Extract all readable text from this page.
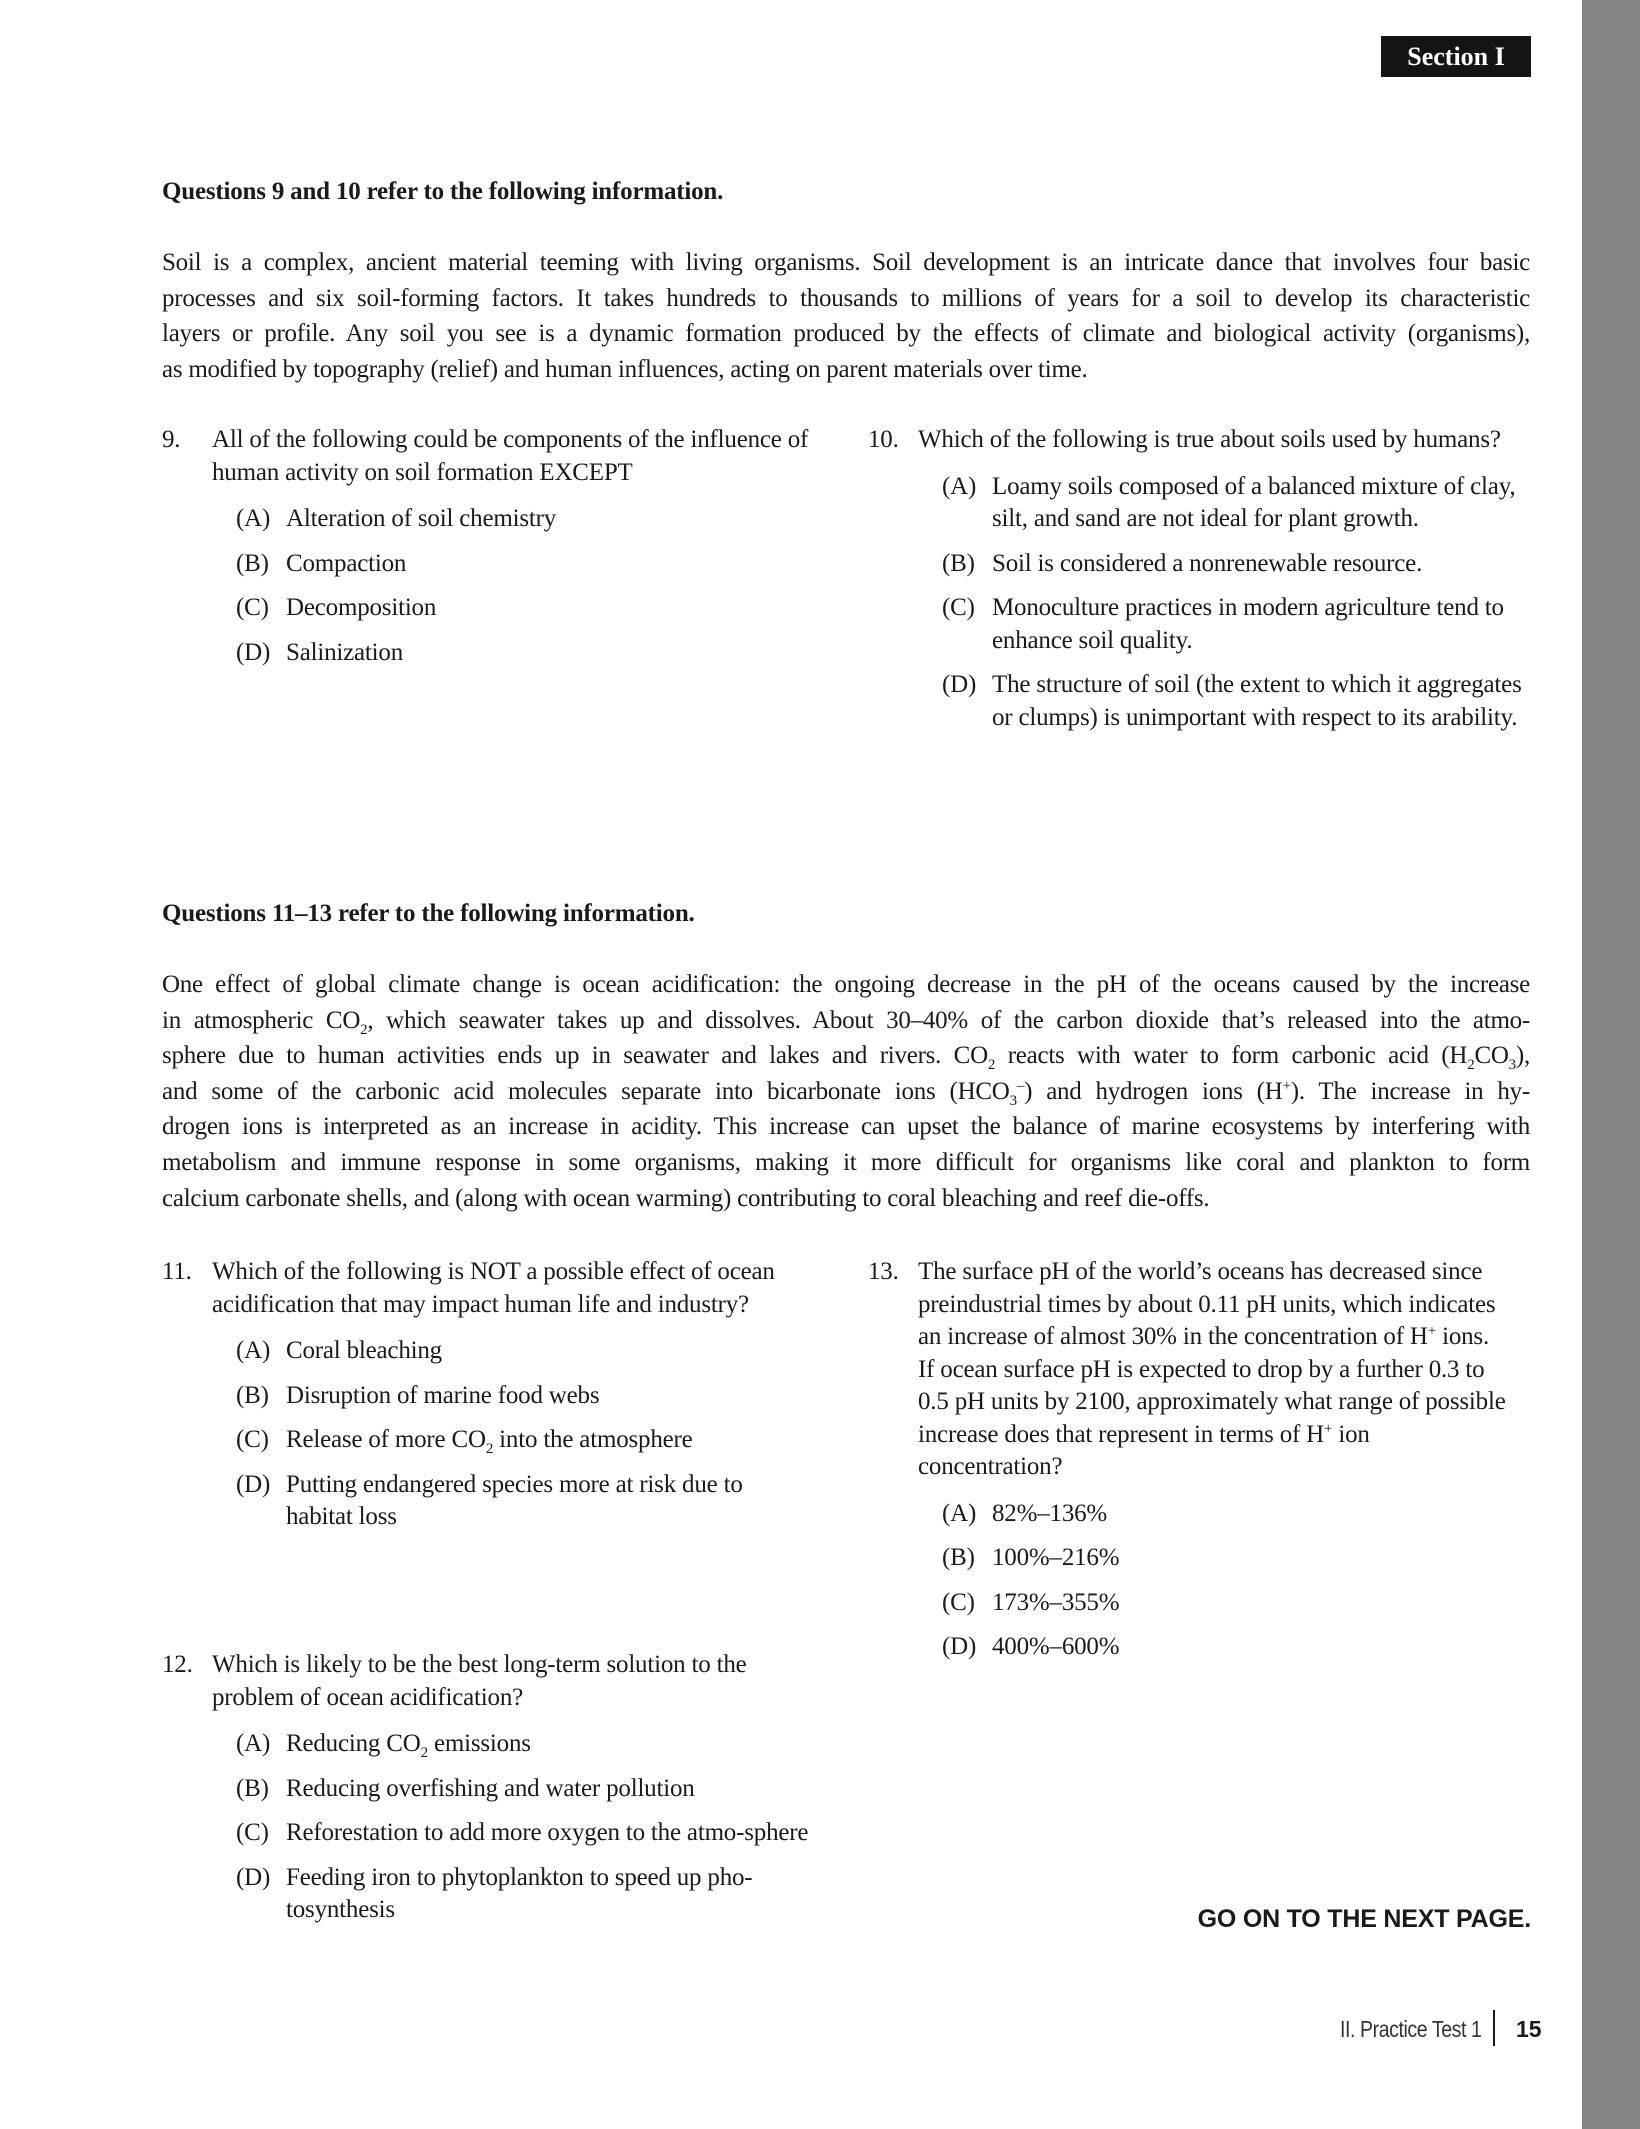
Section I
Questions 9 and 10 refer to the following information.
Soil is a complex, ancient material teeming with living organisms. Soil development is an intricate dance that involves four basic
processes and six soil-forming factors. It takes hundreds to thousands to millions of years for a soil to develop its characteristic
layers or profile. Any soil you see is a dynamic formation produced by the effects of climate and biological activity (organisms),
as modified by topography (relief) and human influences, acting on parent materials over time.
9. All of the following could be components of the influence of human activity on soil formation EXCEPT
(A) Alteration of soil chemistry
(B) Compaction
(C) Decomposition
(D) Salinization
10. Which of the following is true about soils used by humans?
(A) Loamy soils composed of a balanced mixture of clay, silt, and sand are not ideal for plant growth.
(B) Soil is considered a nonrenewable resource.
(C) Monoculture practices in modern agriculture tend to enhance soil quality.
(D) The structure of soil (the extent to which it aggregates or clumps) is unimportant with respect to its arability.
Questions 11–13 refer to the following information.
One effect of global climate change is ocean acidification: the ongoing decrease in the pH of the oceans caused by the increase
in atmospheric $CO_2$, which seawater takes up and dissolves. About 30–40% of the carbon dioxide that’s released into the atmo-
sphere due to human activities ends up in seawater and lakes and rivers. $CO_2$ reacts with water to form carbonic acid $(H_2CO_3)$,
and some of the carbonic acid molecules separate into bicarbonate ions $(HCO_3^-)$ and hydrogen ions (H+). The increase in hy-
drogen ions is interpreted as an increase in acidity. This increase can upset the balance of marine ecosystems by interfering with
metabolism and immune response in some organisms, making it more difficult for organisms like coral and plankton to form
calcium carbonate shells, and (along with ocean warming) contributing to coral bleaching and reef die-offs.
11. Which of the following is NOT a possible effect of ocean acidification that may impact human life and industry?
(A) Coral bleaching
(B) Disruption of marine food webs
(C) Release of more $CO_2$ into the atmosphere
(D) Putting endangered species more at risk due to habitat loss
12. Which is likely to be the best long-term solution to the problem of ocean acidification?
(A) Reducing $CO_2$ emissions
(B) Reducing overfishing and water pollution
(C) Reforestation to add more oxygen to the atmo-sphere
(D) Feeding iron to phytoplankton to speed up pho-tosynthesis
13. The surface pH of the world’s oceans has decreased since preindustrial times by about 0.11 pH units, which indicates an increase of almost 30% in the concentration of H+ ions. If ocean surface pH is expected to drop by a further 0.3 to 0.5 pH units by 2100, approximately what range of possible increase does that represent in terms of H+ ion concentration?
(A) 82%–136%
(B) 100%–216%
(C) 173%–355%
(D) 400%–600%
GO ON TO THE NEXT PAGE.
II. Practice Test 1 15
